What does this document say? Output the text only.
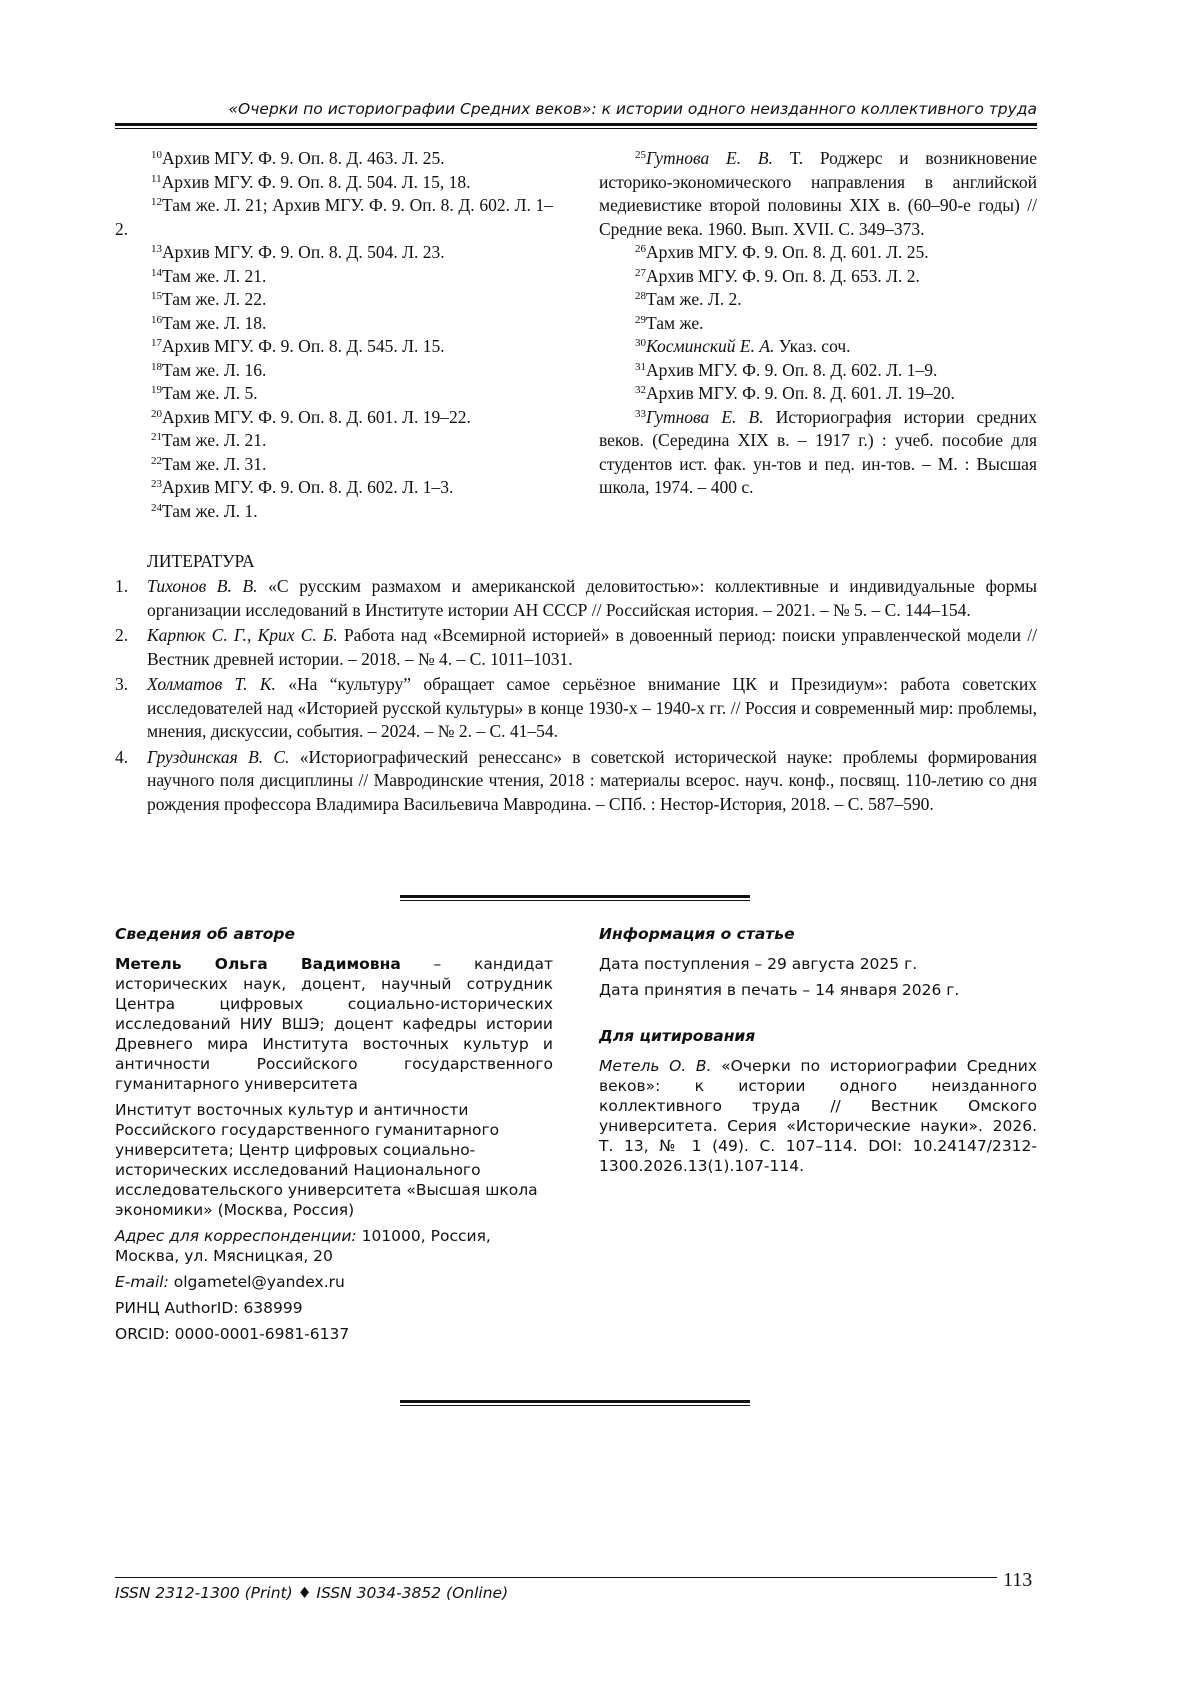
«Очерки по историографии Средних веков»: к истории одного неизданного коллективного труда

$^{10}$Архив МГУ. Ф. 9. Оп. 8. Д. 463. Л. 25.

$^{11}$Архив МГУ. Ф. 9. Оп. 8. Д. 504. Л. 15, 18.

$^{12}$Там же. Л. 21; Архив МГУ. Ф. 9. Оп. 8. Д. 602. Л. 1–2.

$^{13}$Архив МГУ. Ф. 9. Оп. 8. Д. 504. Л. 23.

$^{14}$Там же. Л. 21.

$^{15}$Там же. Л. 22.

$^{16}$Там же. Л. 18.

$^{17}$Архив МГУ. Ф. 9. Оп. 8. Д. 545. Л. 15.

$^{18}$Там же. Л. 16.

$^{19}$Там же. Л. 5.

$^{20}$Архив МГУ. Ф. 9. Оп. 8. Д. 601. Л. 19–22.

$^{21}$Там же. Л. 21.

$^{22}$Там же. Л. 31.

$^{23}$Архив МГУ. Ф. 9. Оп. 8. Д. 602. Л. 1–3.

$^{24}$Там же. Л. 1.

$^{25}$Гутнова Е. В. Т. Роджерс и возникновение историко-экономического направления в английской медиевистике второй половины XIX в. (60–90-е годы) // Средние века. 1960. Вып. XVII. С. 349–373.

$^{26}$Архив МГУ. Ф. 9. Оп. 8. Д. 601. Л. 25.

$^{27}$Архив МГУ. Ф. 9. Оп. 8. Д. 653. Л. 2.

$^{28}$Там же. Л. 2.

$^{29}$Там же.

$^{30}$Косминский Е. А. Указ. соч.

$^{31}$Архив МГУ. Ф. 9. Оп. 8. Д. 602. Л. 1–9.

$^{32}$Архив МГУ. Ф. 9. Оп. 8. Д. 601. Л. 19–20.

$^{33}$Гутнова Е. В. Историография истории средних веков. (Середина XIX в. – 1917 г.) : учеб. пособие для студентов ист. фак. ун-тов и пед. ин-тов. – М. : Высшая школа, 1974. – 400 с.

ЛИТЕРАТУРА

1. Тихонов В. В. «С русским размахом и американской деловитостью»: коллективные и индивидуальные формы организации исследований в Институте истории АН СССР // Российская история. – 2021. – № 5. – С. 144–154.

2. Карпюк С. Г., Крих С. Б. Работа над «Всемирной историей» в довоенный период: поиски управленческой модели // Вестник древней истории. – 2018. – № 4. – С. 1011–1031.

3. Холматов Т. К. «На “культуру” обращает самое серьёзное внимание ЦК и Президиум»: работа советских исследователей над «Историей русской культуры» в конце 1930-х – 1940-х гг. // Россия и современный мир: проблемы, мнения, дискуссии, события. – 2024. – № 2. – С. 41–54.

4. Груздинская В. С. «Историографический ренессанс» в советской исторической науке: проблемы формирования научного поля дисциплины // Мавродинские чтения, 2018 : материалы всерос. науч. конф., посвящ. 110-летию со дня рождения профессора Владимира Васильевича Мавродина. – СПб. : Нестор-История, 2018. – С. 587–590.

Сведения об авторе

Метель Ольга Вадимовна – кандидат исторических наук, доцент, научный сотрудник Центра цифровых социально-исторических исследований НИУ ВШЭ; доцент кафедры истории Древнего мира Института восточных культур и античности Российского государственного гуманитарного университета

Институт восточных культур и античности Российского государственного гуманитарного университета; Центр цифровых социально-исторических исследований Национального исследовательского университета «Высшая школа экономики» (Москва, Россия)

Адрес для корреспонденции: 101000, Россия, Москва, ул. Мясницкая, 20

E-mail: olgametel@yandex.ru

РИНЦ AuthorID: 638999

ORCID: 0000-0001-6981-6137

Информация о статье

Дата поступления – 29 августа 2025 г.

Дата принятия в печать – 14 января 2026 г.

Для цитирования

Метель О. В. «Очерки по историографии Средних веков»: к истории одного неизданного коллективного труда // Вестник Омского университета. Серия «Исторические науки». 2026. Т. 13, № 1 (49). С. 107–114. DOI: 10.24147/2312-1300.2026.13(1).107-114.

ISSN 2312-1300 (Print) ♦ ISSN 3034-3852 (Online)
113
